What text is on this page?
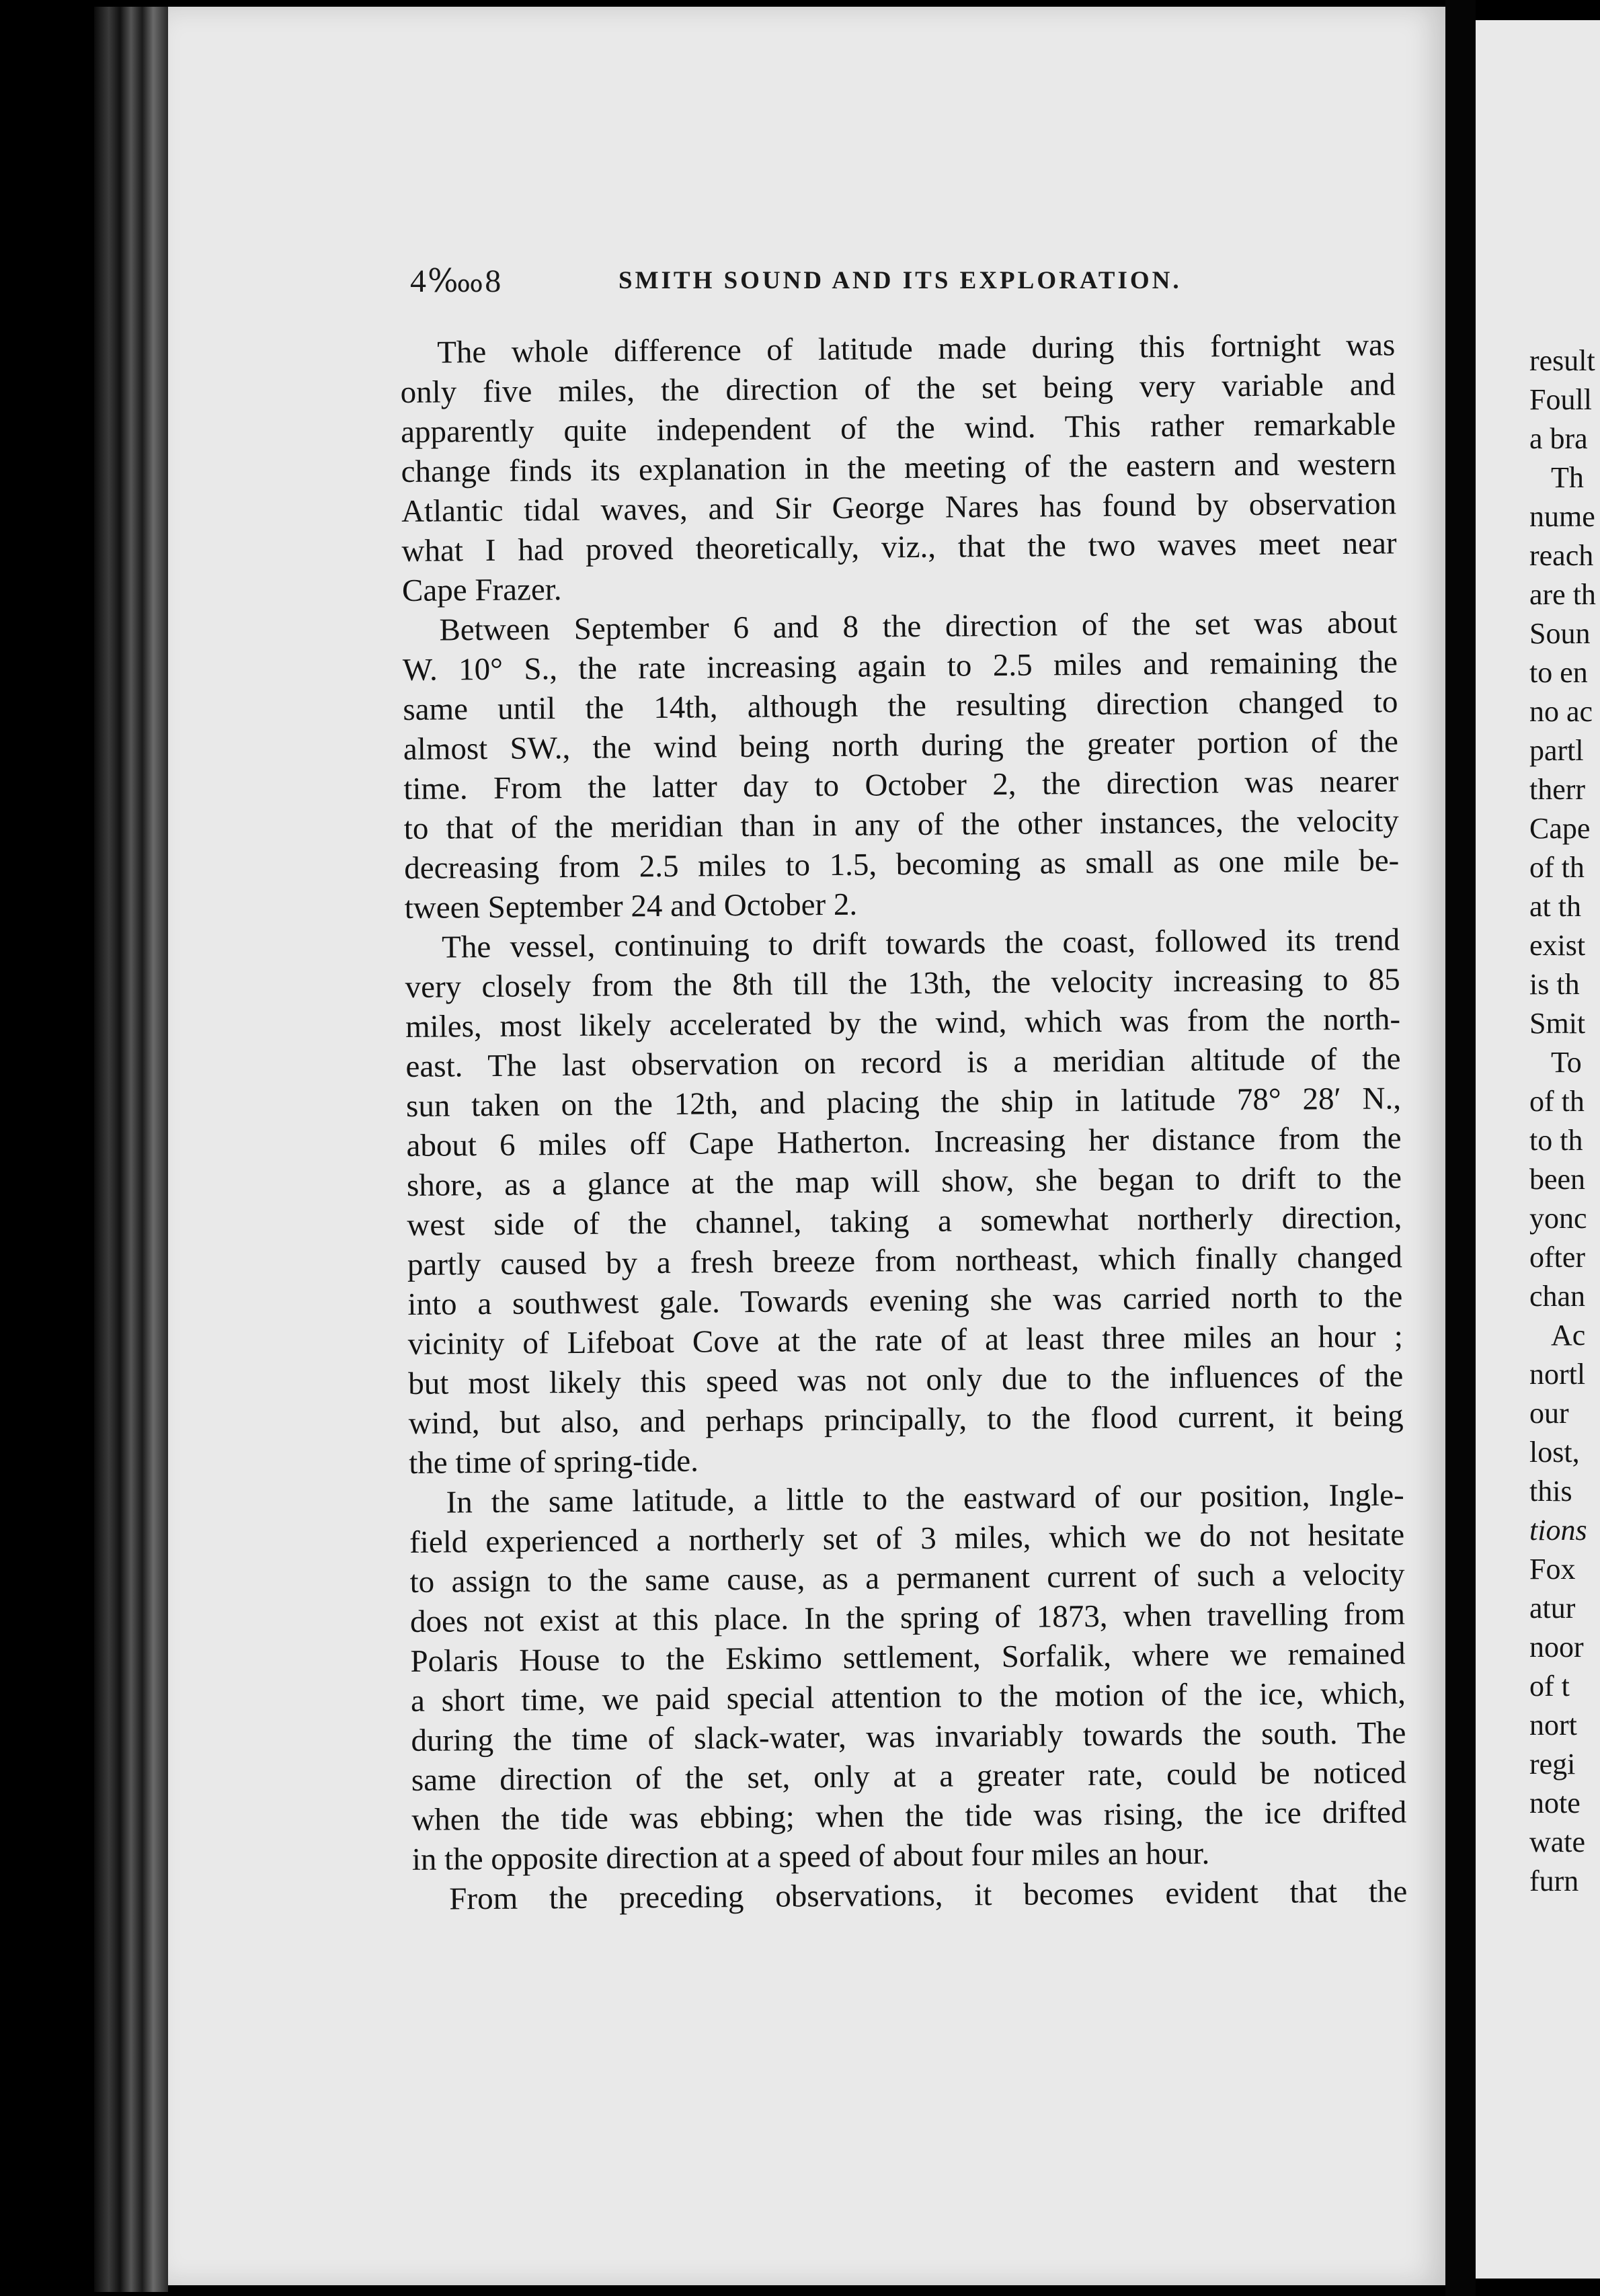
4‱8	SMITH SOUND AND ITS EXPLORATION.
The whole difference of latitude made during this fortnight was
only five miles, the direction of the set being very variable and
apparently quite independent of the wind. This rather remarkable
change finds its explanation in the meeting of the eastern and western
Atlantic tidal waves, and Sir George Nares has found by observation
what I had proved theoretically, viz., that the two waves meet near
Cape Frazer.
Between September 6 and 8 the direction of the set was about
W. 10° S., the rate increasing again to 2.5 miles and remaining the
same until the 14th, although the resulting direction changed to
almost SW., the wind being north during the greater portion of the
time. From the latter day to October 2, the direction was nearer
to that of the meridian than in any of the other instances, the velocity
decreasing from 2.5 miles to 1.5, becoming as small as one mile be-
tween September 24 and October 2.
The vessel, continuing to drift towards the coast, followed its trend
very closely from the 8th till the 13th, the velocity increasing to 85
miles, most likely accelerated by the wind, which was from the north-
east. The last observation on record is a meridian altitude of the
sun taken on the 12th, and placing the ship in latitude 78° 28′ N.,
about 6 miles off Cape Hatherton. Increasing her distance from the
shore, as a glance at the map will show, she began to drift to the
west side of the channel, taking a somewhat northerly direction,
partly caused by a fresh breeze from northeast, which finally changed
into a southwest gale. Towards evening she was carried north to the
vicinity of Lifeboat Cove at the rate of at least three miles an hour ;
but most likely this speed was not only due to the influences of the
wind, but also, and perhaps principally, to the flood current, it being
the time of spring-tide.
In the same latitude, a little to the eastward of our position, Ingle-
field experienced a northerly set of 3 miles, which we do not hesitate
to assign to the same cause, as a permanent current of such a velocity
does not exist at this place. In the spring of 1873, when travelling from
Polaris House to the Eskimo settlement, Sorfalik, where we remained
a short time, we paid special attention to the motion of the ice, which,
during the time of slack-water, was invariably towards the south. The
same direction of the set, only at a greater rate, could be noticed
when the tide was ebbing; when the tide was rising, the ice drifted
in the opposite direction at a speed of about four miles an hour.
From the preceding observations, it becomes evident that the
result
Foull
a bra
Th
nume
reach
are th
Soun
to en
no ac
partl
therr
Cape
of th
at th
exist
is th
Smit
To
of th
to th
been
yonc
ofter
chan
Ac
nortl
our
lost,
this
tions
Fox
atur
noor
of t
nort
regi
note
wate
furn
